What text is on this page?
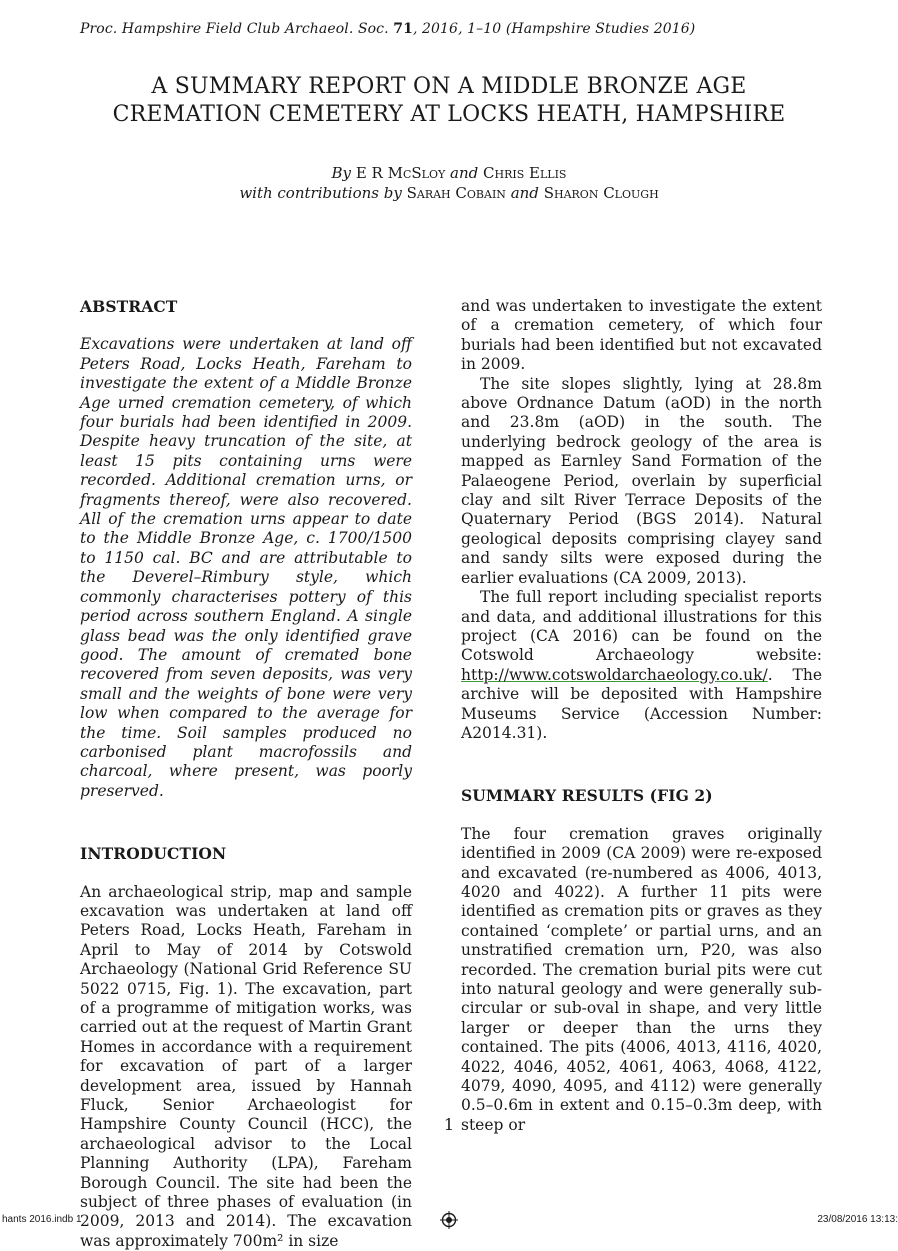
Proc. Hampshire Field Club Archaeol. Soc. 71, 2016, 1–10 (Hampshire Studies 2016)
A SUMMARY REPORT ON A MIDDLE BRONZE AGE
CREMATION CEMETERY AT LOCKS HEATH, HAMPSHIRE
By E R McSloy and Chris Ellis
with contributions by Sarah Cobain and Sharon Clough
ABSTRACT

Excavations were undertaken at land off Peters Road, Locks Heath, Fareham to investigate the extent of a Middle Bronze Age urned cremation cemetery, of which four burials had been identified in 2009. Despite heavy truncation of the site, at least 15 pits containing urns were recorded. Additional cremation urns, or fragments thereof, were also recovered. All of the cremation urns appear to date to the Middle Bronze Age, c. 1700/1500 to 1150 cal. BC and are attributable to the Deverel–Rimbury style, which commonly characterises pottery of this period across southern England. A single glass bead was the only identified grave good. The amount of cremated bone recovered from seven deposits, was very small and the weights of bone were very low when compared to the average for the time. Soil samples produced no carbonised plant macrofossils and charcoal, where present, was poorly preserved.

INTRODUCTION

An archaeological strip, map and sample excavation was undertaken at land off Peters Road, Locks Heath, Fareham in April to May of 2014 by Cotswold Archaeology (National Grid Reference SU 5022 0715, Fig. 1). The excavation, part of a programme of mitigation works, was carried out at the request of Martin Grant Homes in accordance with a requirement for excavation of part of a larger development area, issued by Hannah Fluck, Senior Archaeologist for Hampshire County Council (HCC), the archaeological advisor to the Local Planning Authority (LPA), Fareham Borough Council. The site had been the subject of three phases of evaluation (in 2009, 2013 and 2014). The excavation was approximately 700m² in size

and was undertaken to investigate the extent of a cremation cemetery, of which four burials had been identified but not excavated in 2009.

The site slopes slightly, lying at 28.8m above Ordnance Datum (aOD) in the north and 23.8m (aOD) in the south. The underlying bedrock geology of the area is mapped as Earnley Sand Formation of the Palaeogene Period, overlain by superficial clay and silt River Terrace Deposits of the Quaternary Period (BGS 2014). Natural geological deposits comprising clayey sand and sandy silts were exposed during the earlier evaluations (CA 2009, 2013).

The full report including specialist reports and data, and additional illustrations for this project (CA 2016) can be found on the Cotswold Archaeology website: http://www.cotswoldarchaeology.co.uk/. The archive will be deposited with Hampshire Museums Service (Accession Number: A2014.31).

SUMMARY RESULTS (FIG 2)

The four cremation graves originally identified in 2009 (CA 2009) were re-exposed and excavated (re-numbered as 4006, 4013, 4020 and 4022). A further 11 pits were identified as cremation pits or graves as they contained ‘complete’ or partial urns, and an unstratified cremation urn, P20, was also recorded. The cremation burial pits were cut into natural geology and were generally sub-circular or sub-oval in shape, and very little larger or deeper than the urns they contained. The pits (4006, 4013, 4116, 4020, 4022, 4046, 4052, 4061, 4063, 4068, 4122, 4079, 4090, 4095, and 4112) were generally 0.5–0.6m in extent and 0.15–0.3m deep, with steep or

1
hants 2016.indb 1	23/08/2016 13:13:
